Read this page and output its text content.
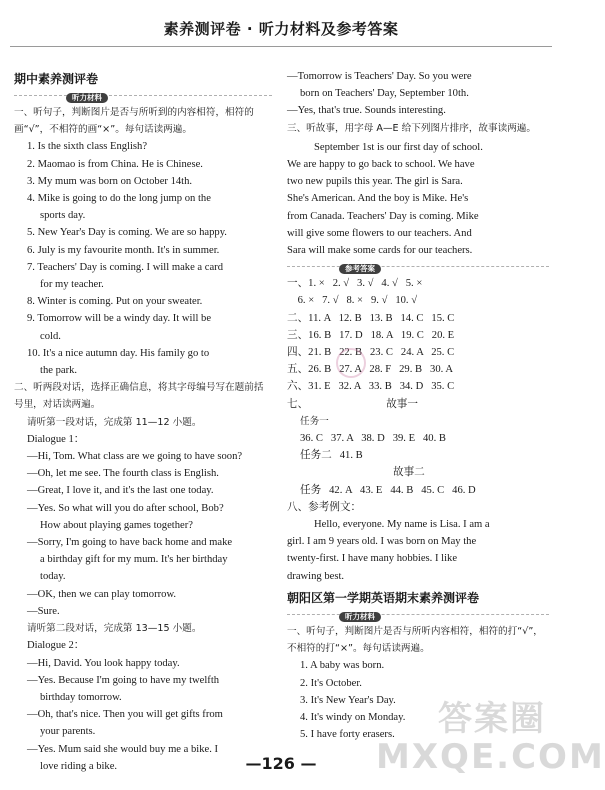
素养测评卷 · 听力材料及参考答案
期中素养测评卷
听力材料

一、听句子，判断图片是否与所听到的内容相符，相符的画“√”，不相符的画“×”。每句话读两遍。

1. Is the sixth class English?

2. Maomao is from China. He is Chinese.

3. My mum was born on October 14th.

4. Mike is going to do the long jump on the

sports day.

5. New Year's Day is coming. We are so happy.

6. July is my favourite month. It's in summer.

7. Teachers' Day is coming. I will make a card

for my teacher.

8. Winter is coming. Put on your sweater.

9. Tomorrow will be a windy day. It will be

cold.

10. It's a nice autumn day. His family go to

the park.

二、听两段对话，选择正确信息，将其字母编号写在题前括号里，对话读两遍。

请听第一段对话，完成第 11—12 小题。

Dialogue 1：

—Hi, Tom. What class are we going to have soon?

—Oh, let me see. The fourth class is English.

—Great, I love it, and it's the last one today.

—Yes. So what will you do after school, Bob?

How about playing games together?

—Sorry, I'm going to have back home and make

a birthday gift for my mum. It's her birthday

today.

—OK, then we can play tomorrow.

—Sure.

请听第二段对话，完成第 13—15 小题。

Dialogue 2：

—Hi, David. You look happy today.

—Yes. Because I'm going to have my twelfth

birthday tomorrow.

—Oh, that's nice. Then you will get gifts from

your parents.

—Yes. Mum said she would buy me a bike. I

love riding a bike.

—Tomorrow is Teachers' Day. So you were

born on Teachers' Day, September 10th.

—Yes, that's true. Sounds interesting.

三、听故事，用字母 A—E 给下列图片排序，故事读两遍。

September 1st is our first day of school.

We are happy to go back to school. We have

two new pupils this year. The girl is Sara.

She's American. And the boy is Mike. He's

from Canada. Teachers' Day is coming. Mike

will give some flowers to our teachers. And

Sara will make some cards for our teachers.

参考答案

一、1. ×   2. √   3. √   4. √   5. ×

6. ×   7. √   8. ×   9. √   10. √

二、11. A   12. B   13. B   14. C   15. C

三、16. B   17. D   18. A   19. C   20. E

四、21. B   22. B   23. C   24. A   25. C

五、26. B   27. A   28. F   29. B   30. A

六、31. E   32. A   33. B   34. D   35. C

七、	故事一

任务一

36. C   37. A   38. D   39. E   40. B

任务二   41. B

故事二

任务   42. A   43. E   44. B   45. C   46. D

八、参考例文：

Hello, everyone. My name is Lisa. I am a

girl. I am 9 years old. I was born on May the

twenty-first. I have many hobbies. I like

drawing best.

朝阳区第一学期英语期末素养测评卷
听力材料

一、听句子，判断图片是否与所听内容相符，相符的打“√”，不相符的打“×”。每句话读两遍。

1. A baby was born.

2. It's October.

3. It's New Year's Day.

4. It's windy on Monday.

5. I have forty erasers.	答案圈 MXQE.COM
—126 —
